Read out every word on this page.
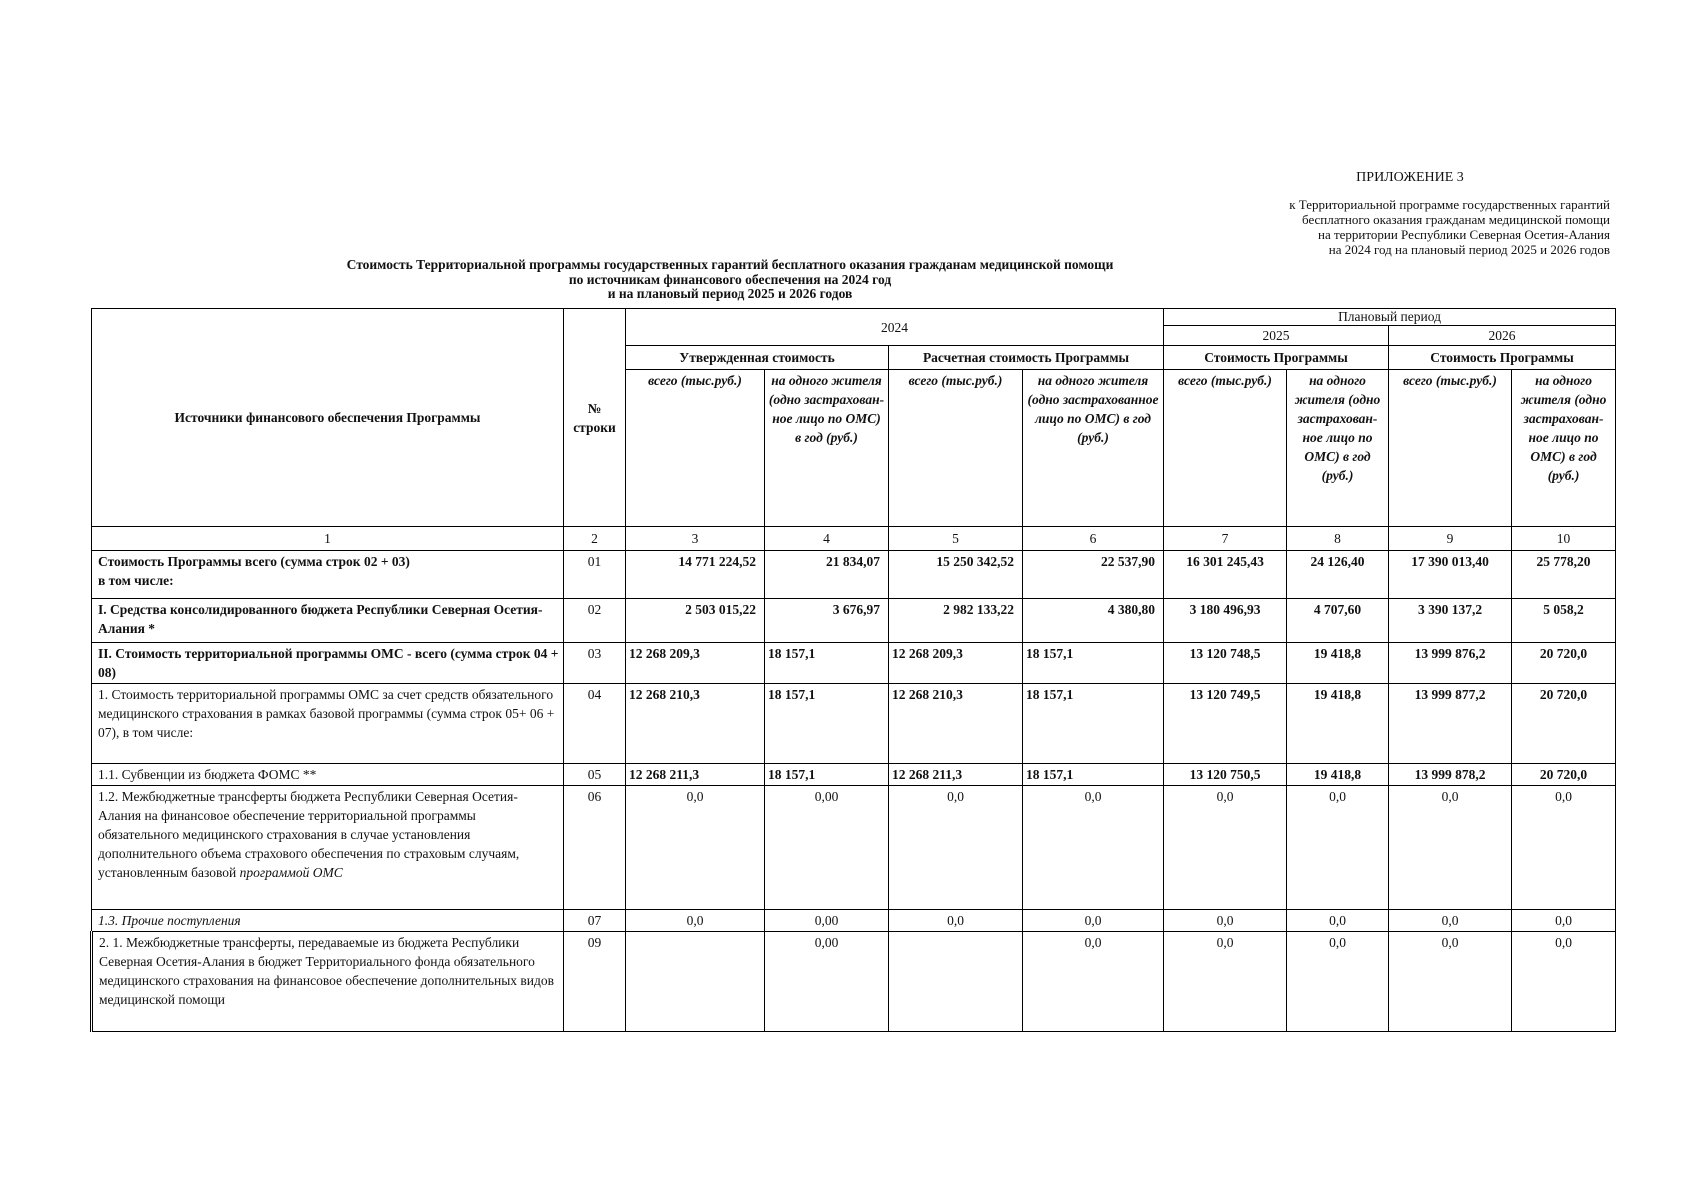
ПРИЛОЖЕНИЕ 3
к Территориальной программе государственных гарантий
бесплатного оказания гражданам медицинской помощи
на территории Республики Северная Осетия-Алания
на 2024 год на плановый период 2025 и 2026 годов
Стоимость Территориальной программы государственных гарантий бесплатного оказания гражданам медицинской помощи
по источникам финансового обеспечения на 2024 год
и на плановый период 2025 и 2026 годов
Источники финансового обеспечения Программы	№ строки	2024				Плановый период			
						2025		2026	
		Утвержденная стоимость		Расчетная стоимость Программы		Стоимость Программы		Стоимость Программы	
		всего (тыс.руб.)	на одного жителя (одно застрахован-ное лицо по ОМС) в год (руб.)	всего (тыс.руб.)	на одного жителя (одно застрахованное лицо по ОМС) в год (руб.)	всего (тыс.руб.)	на одного жителя (одно застрахован-ное лицо по ОМС) в год (руб.)	всего (тыс.руб.)	на одного жителя (одно застрахован-ное лицо по ОМС) в год (руб.)
1	2	3	4	5	6	7	8	9	10

Стоимость Программы всего (сумма строк 02 + 03)
в том числе:	01	14 771 224,52	21 834,07	15 250 342,52	22 537,90	16 301 245,43	24 126,40	17 390 013,40	25 778,20
I. Средства консолидированного бюджета Республики Северная Осетия-Алания *	02	2 503 015,22	3 676,97	2 982 133,22	4 380,80	3 180 496,93	4 707,60	3 390 137,2	5 058,2
II. Стоимость территориальной программы ОМС - всего (сумма строк 04 + 08)	03	12 268 209,3	18 157,1	12 268 209,3	18 157,1	13 120 748,5	19 418,8	13 999 876,2	20 720,0
1. Стоимость территориальной программы ОМС за счет средств обязательного медицинского страхования в рамках базовой программы (сумма строк 05+ 06 + 07), в том числе:	04	12 268 210,3	18 157,1	12 268 210,3	18 157,1	13 120 749,5	19 418,8	13 999 877,2	20 720,0
1.1. Субвенции из бюджета ФОМС **	05	12 268 211,3	18 157,1	12 268 211,3	18 157,1	13 120 750,5	19 418,8	13 999 878,2	20 720,0
1.2. Межбюджетные трансферты бюджета Республики Северная Осетия-Алания на финансовое обеспечение территориальной программы обязательного медицинского страхования в случае установления дополнительного объема страхового обеспечения по страховым случаям, установленным базовой программой ОМС	06	0,0	0,00	0,0	0,0	0,0	0,0	0,0	0,0
1.3. Прочие поступления	07	0,0	0,00	0,0	0,0	0,0	0,0	0,0	0,0
2. 1. Межбюджетные трансферты, передаваемые из бюджета Республики Северная Осетия-Алания в бюджет Территориального фонда обязательного медицинского страхования на финансовое обеспечение дополнительных видов медицинской помощи	09		0,00		0,0	0,0	0,0	0,0	0,0
